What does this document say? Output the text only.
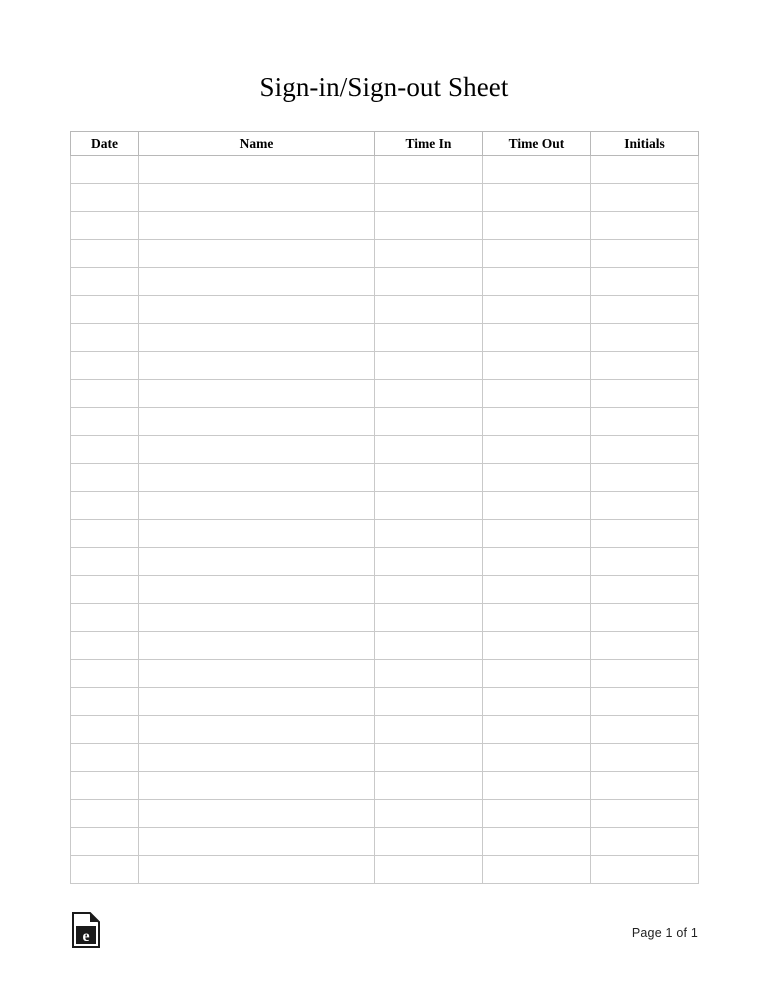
Sign-in/Sign-out Sheet
Date	Name	Time In	Time Out	Initials

e	Page 1 of 1
